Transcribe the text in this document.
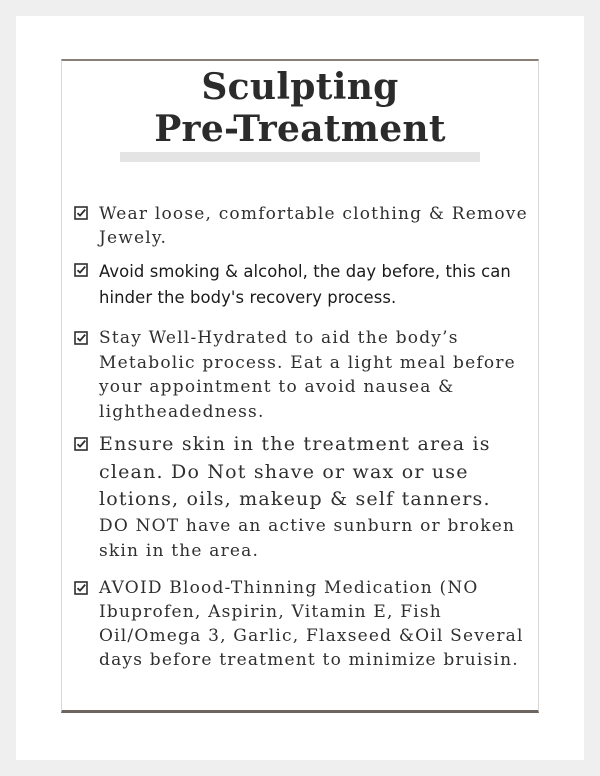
Sculpting
Pre-Treatment
Wear loose, comfortable clothing & Remove Jewely.
Avoid smoking & alcohol, the day before, this can hinder the body's recovery process.
Stay Well-Hydrated to aid the body’s Metabolic process. Eat a light meal before your appointment to avoid nausea & lightheadedness.
Ensure skin in the treatment area is clean. Do Not shave or wax or use lotions, oils, makeup & self tanners.
DO NOT have an active sunburn or broken skin in the area.
AVOID Blood-Thinning Medication (NO Ibuprofen, Aspirin, Vitamin E, Fish Oil/Omega 3, Garlic, Flaxseed &Oil Several days before treatment to minimize bruisin.
